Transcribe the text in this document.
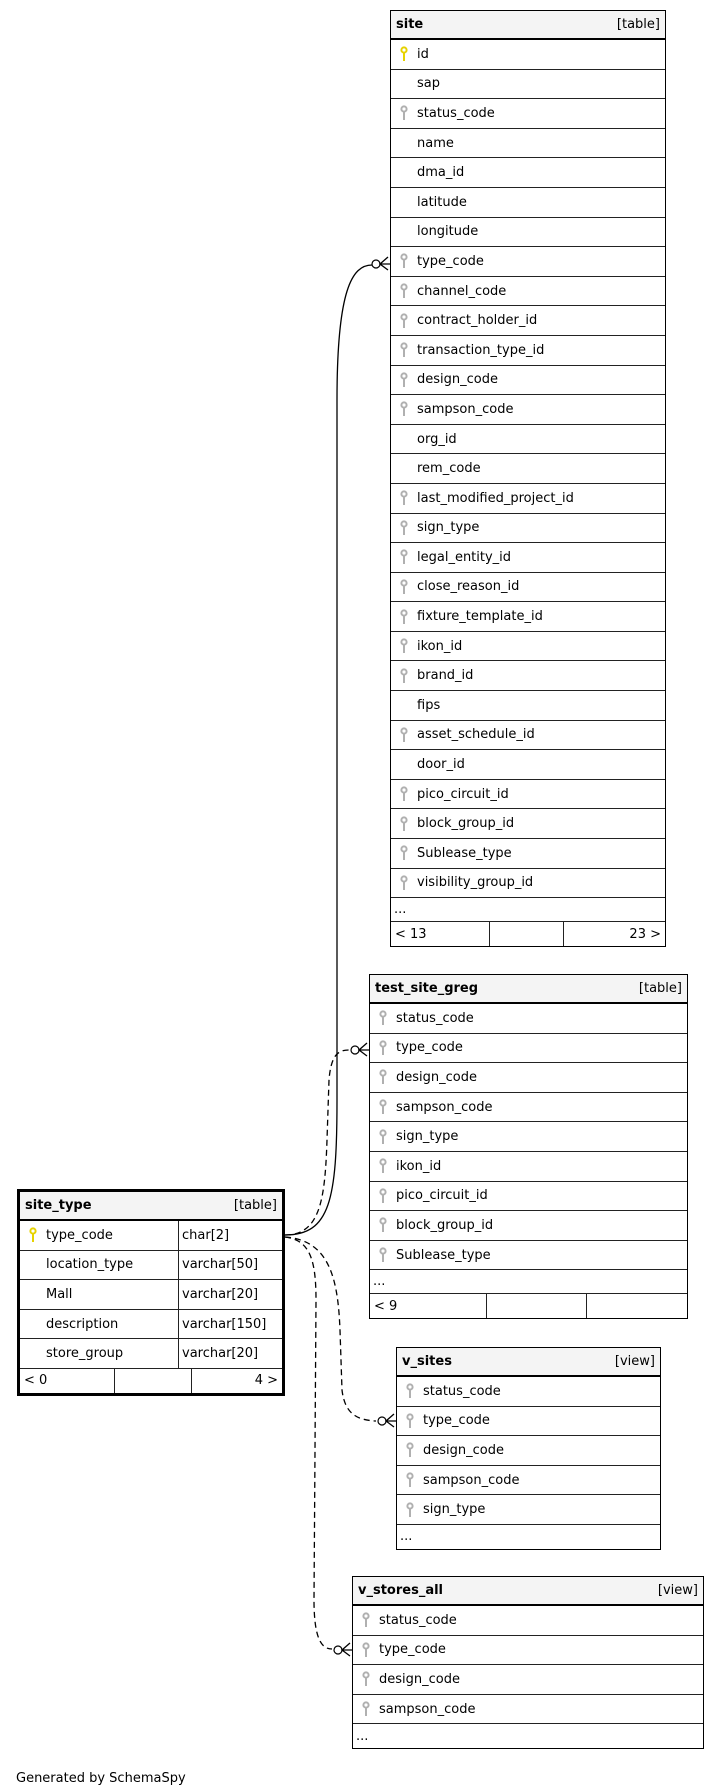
site	[table]
id
sap
status_code
name
dma_id
latitude
longitude
type_code
channel_code
contract_holder_id
transaction_type_id
design_code
sampson_code
org_id
rem_code
last_modified_project_id
sign_type
legal_entity_id
close_reason_id
fixture_template_id
ikon_id
brand_id
fips
asset_schedule_id
door_id
pico_circuit_id
block_group_id
Sublease_type
visibility_group_id
...
< 13	23 >
test_site_greg	[table]
status_code
type_code
design_code
sampson_code
sign_type
ikon_id
pico_circuit_id
block_group_id
Sublease_type
...
< 9
site_type	[table]
type_code	char[2]
location_type	varchar[50]
Mall	varchar[20]
description	varchar[150]
store_group	varchar[20]
< 0	4 >
v_sites	[view]
status_code
type_code
design_code
sampson_code
sign_type
...
v_stores_all	[view]
status_code
type_code
design_code
sampson_code
...
Generated by SchemaSpy
